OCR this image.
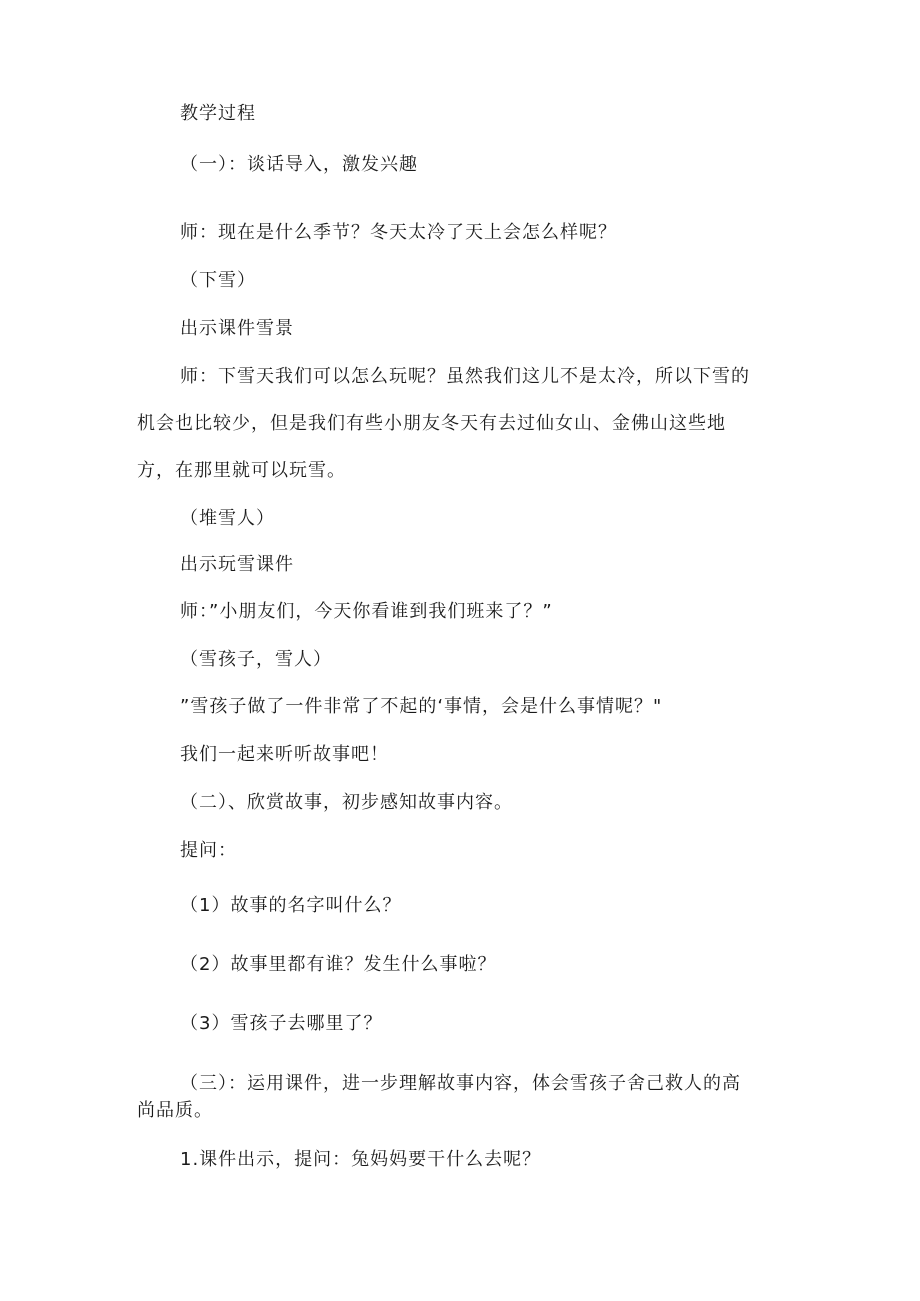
教学过程
（一）：谈话导入，激发兴趣
师：现在是什么季节？冬天太冷了天上会怎么样呢？
（下雪）
出示课件雪景
师：下雪天我们可以怎么玩呢？虽然我们这儿不是太冷，所以下雪的
机会也比较少，但是我们有些小朋友冬天有去过仙女山、金佛山这些地
方，在那里就可以玩雪。
（堆雪人）
出示玩雪课件
师：”小朋友们，今天你看谁到我们班来了？”
（雪孩子，雪人）
”雪孩子做了一件非常了不起的‘事情，会是什么事情呢？"
我们一起来听听故事吧！
（二）、欣赏故事，初步感知故事内容。
提问：
（1）故事的名字叫什么？
（2）故事里都有谁？发生什么事啦？
（3）雪孩子去哪里了？
（三）：运用课件，进一步理解故事内容，体会雪孩子舍己救人的高
尚品质。
1.课件出示，提问：兔妈妈要干什么去呢？
